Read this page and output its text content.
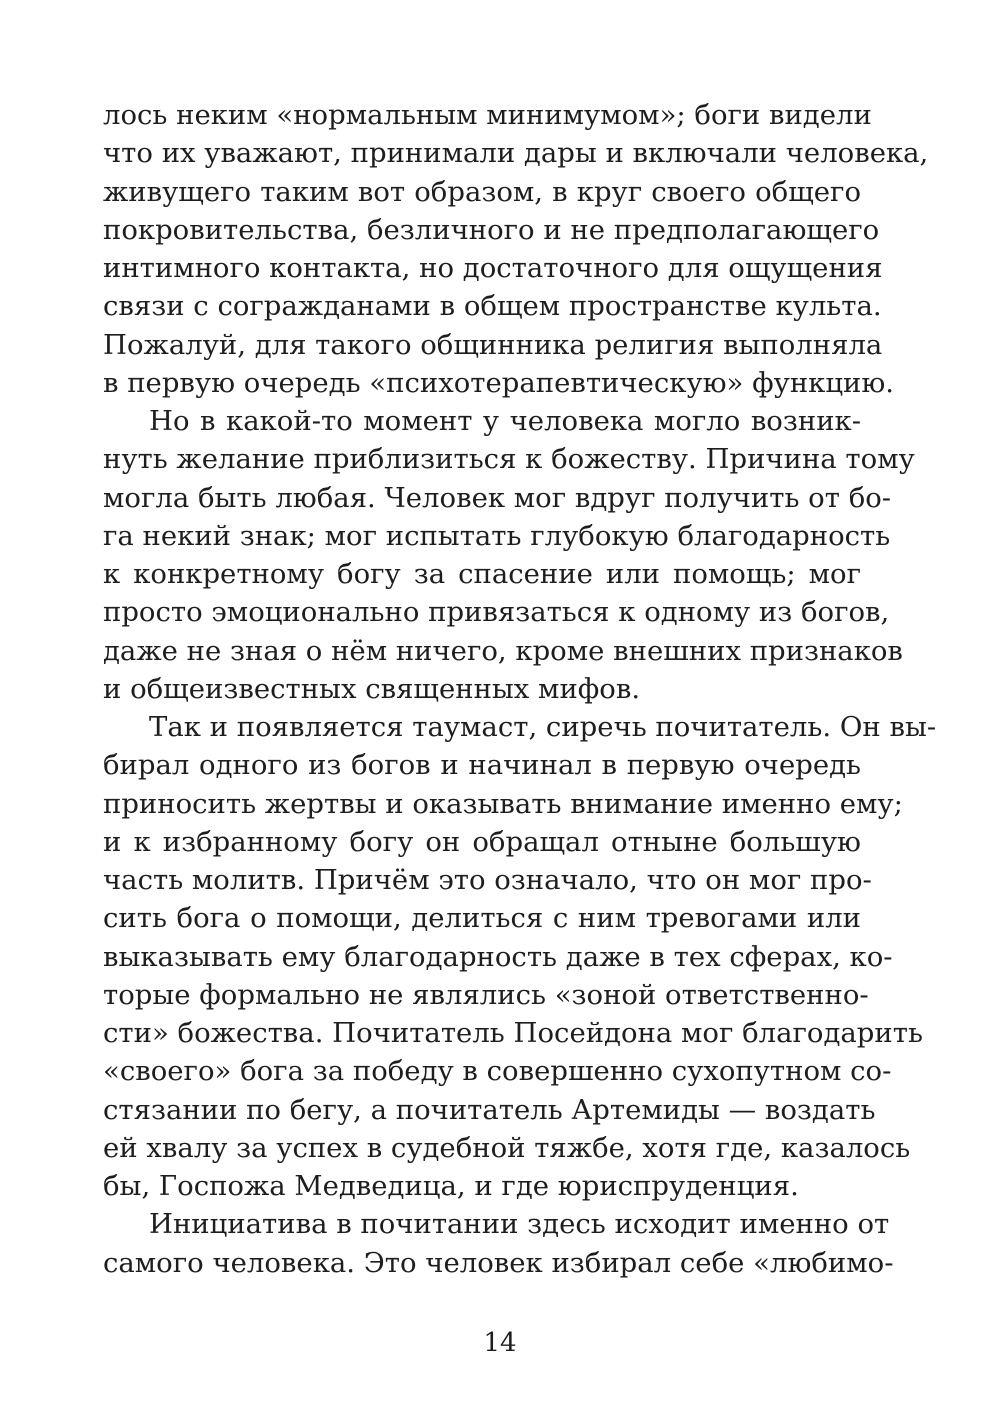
лось неким «нормальным минимумом»; боги видели
что их уважают, принимали дары и включали человека,
живущего таким вот образом, в круг своего общего
покровительства, безличного и не предполагающего
интимного контакта, но достаточного для ощущения
связи с согражданами в общем пространстве культа.
Пожалуй, для такого общинника религия выполняла
в первую очередь «психотерапевтическую» функцию.
Но в какой-то момент у человека могло возник-
нуть желание приблизиться к божеству. Причина тому
могла быть любая. Человек мог вдруг получить от бо-
га некий знак; мог испытать глубокую благодарность
к конкретному богу за спасение или помощь; мог
просто эмоционально привязаться к одному из богов,
даже не зная о нём ничего, кроме внешних признаков
и общеизвестных священных мифов.
Так и появляется таумаст, сиречь почитатель. Он вы-
бирал одного из богов и начинал в первую очередь
приносить жертвы и оказывать внимание именно ему;
и к избранному богу он обращал отныне большую
часть молитв. Причём это означало, что он мог про-
сить бога о помощи, делиться с ним тревогами или
выказывать ему благодарность даже в тех сферах, ко-
торые формально не являлись «зоной ответственно-
сти» божества. Почитатель Посейдона мог благодарить
«своего» бога за победу в совершенно сухопутном со-
стязании по бегу, а почитатель Артемиды — воздать
ей хвалу за успех в судебной тяжбе, хотя где, казалось
бы, Госпожа Медведица, и где юриспруденция.
Инициатива в почитании здесь исходит именно от
самого человека. Это человек избирал себе «любимо-
14
